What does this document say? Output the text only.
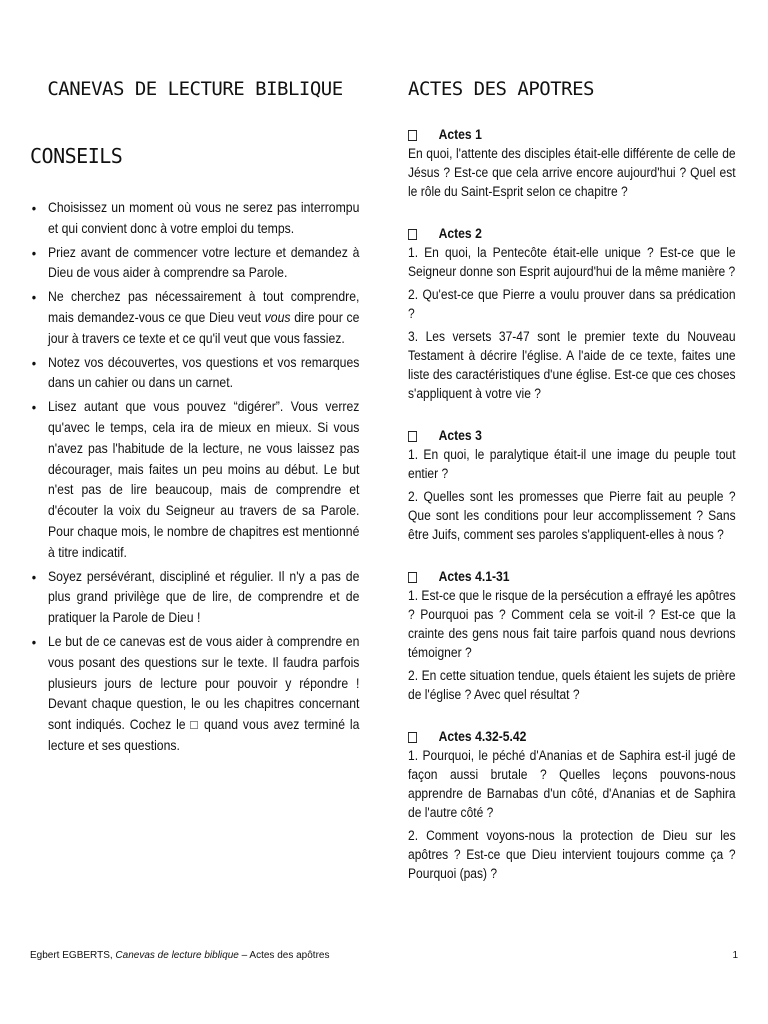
CANEVAS DE LECTURE BIBLIQUE
CONSEILS
• Choisissez un moment où vous ne serez pas interrompu et qui convient donc à votre emploi du temps.
• Priez avant de commencer votre lecture et demandez à Dieu de vous aider à comprendre sa Parole.
• Ne cherchez pas nécessairement à tout comprendre, mais demandez-vous ce que Dieu veut vous dire pour ce jour à travers ce texte et ce qu'il veut que vous fassiez.
• Notez vos découvertes, vos questions et vos remarques dans un cahier ou dans un carnet.
• Lisez autant que vous pouvez “digérer”. Vous verrez qu'avec le temps, cela ira de mieux en mieux. Si vous n'avez pas l'habitude de la lecture, ne vous laissez pas décourager, mais faites un peu moins au début. Le but n'est pas de lire beaucoup, mais de comprendre et d'écouter la voix du Seigneur au travers de sa Parole. Pour chaque mois, le nombre de chapitres est mentionné à titre indicatif.
• Soyez persévérant, discipliné et régulier. Il n'y a pas de plus grand privilège que de lire, de comprendre et de pratiquer la Parole de Dieu !
• Le but de ce canevas est de vous aider à comprendre en vous posant des questions sur le texte. Il faudra parfois plusieurs jours de lecture pour pouvoir y répondre ! Devant chaque question, le ou les chapitres concernant sont indiqués. Cochez le □ quand vous avez terminé la lecture et ses questions.
ACTES DES APOTRES
Actes 1

En quoi, l'attente des disciples était-elle différente de celle de Jésus ? Est-ce que cela arrive encore aujourd'hui ? Quel est le rôle du Saint-Esprit selon ce chapitre ?

Actes 2

1. En quoi, la Pentecôte était-elle unique ? Est-ce que le Seigneur donne son Esprit aujourd'hui de la même manière ?

2. Qu'est-ce que Pierre a voulu prouver dans sa prédication ?

3. Les versets 37-47 sont le premier texte du Nouveau Testament à décrire l'église. A l'aide de ce texte, faites une liste des caractéristiques d'une église. Est-ce que ces choses s'appliquent à votre vie ?

Actes 3

1. En quoi, le paralytique était-il une image du peuple tout entier ?

2. Quelles sont les promesses que Pierre fait au peuple ? Que sont les conditions pour leur accomplissement ? Sans être Juifs, comment ses paroles s'appliquent-elles à nous ?

Actes 4.1-31

1. Est-ce que le risque de la persécution a effrayé les apôtres ? Pourquoi pas ? Comment cela se voit-il ? Est-ce que la crainte des gens nous fait taire parfois quand nous devrions témoigner ?

2. En cette situation tendue, quels étaient les sujets de prière de l'église ? Avec quel résultat ?

Actes 4.32-5.42

1. Pourquoi, le péché d'Ananias et de Saphira est-il jugé de façon aussi brutale ? Quelles leçons pouvons-nous apprendre de Barnabas d'un côté, d'Ananias et de Saphira de l'autre côté ?

2. Comment voyons-nous la protection de Dieu sur les apôtres ? Est-ce que Dieu intervient toujours comme ça ? Pourquoi (pas) ?

Egbert EGBERTS, Canevas de lecture biblique – Actes des apôtres	1
